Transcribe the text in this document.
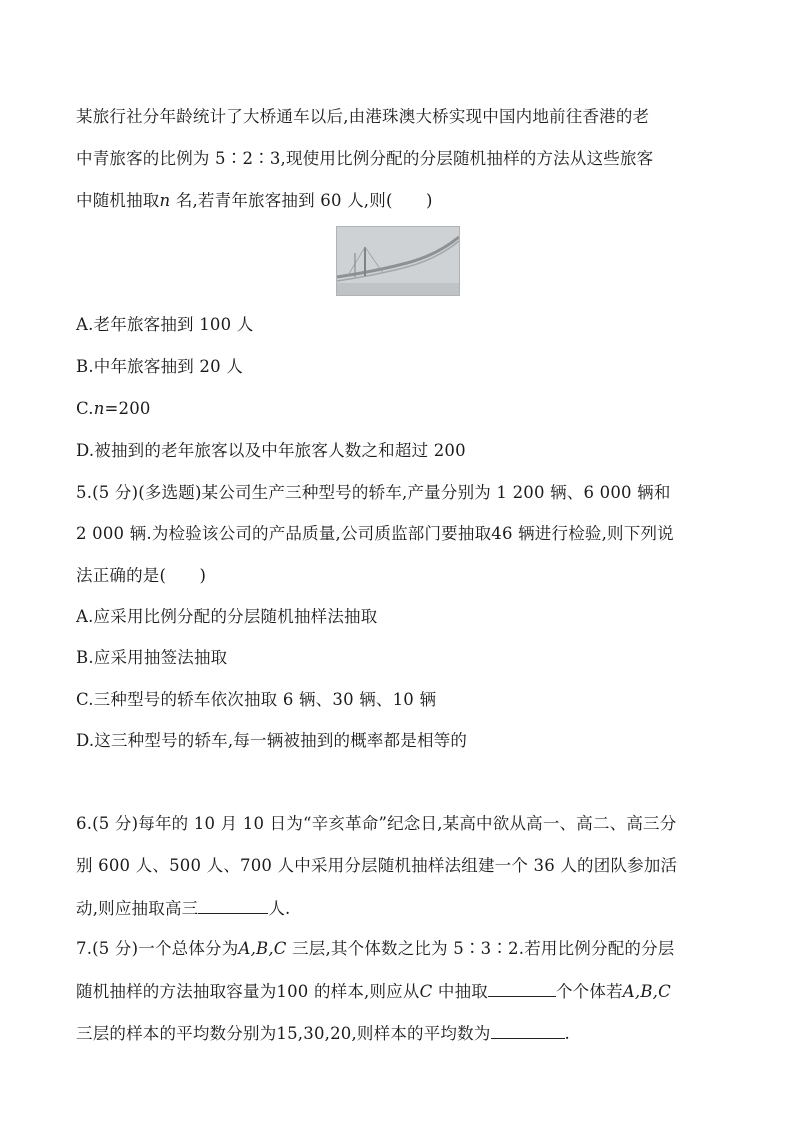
某旅行社分年龄统计了大桥通车以后,由港珠澳大桥实现中国内地前往香港的老
中青旅客的比例为 5∶2∶3,现使用比例分配的分层随机抽样的方法从这些旅客
中随机抽取n 名,若青年旅客抽到 60 人,则(　　)
A.老年旅客抽到 100 人
B.中年旅客抽到 20 人
C.n=200
D.被抽到的老年旅客以及中年旅客人数之和超过 200
5.(5 分)(多选题)某公司生产三种型号的轿车,产量分别为 1 200 辆、6 000 辆和
2 000 辆.为检验该公司的产品质量,公司质监部门要抽取46 辆进行检验,则下列说
法正确的是(　　)
A.应采用比例分配的分层随机抽样法抽取
B.应采用抽签法抽取
C.三种型号的轿车依次抽取 6 辆、30 辆、10 辆
D.这三种型号的轿车,每一辆被抽到的概率都是相等的
6.(5 分)每年的 10 月 10 日为“辛亥革命”纪念日,某高中欲从高一、高二、高三分
别 600 人、500 人、700 人中采用分层随机抽样法组建一个 36 人的团队参加活
动,则应抽取高三	人.
7.(5 分)一个总体分为A,B,C 三层,其个体数之比为 5∶3∶2.若用比例分配的分层
随机抽样的方法抽取容量为100 的样本,则应从C 中抽取	个个体若A,B,C
三层的样本的平均数分别为15,30,20,则样本的平均数为	.
